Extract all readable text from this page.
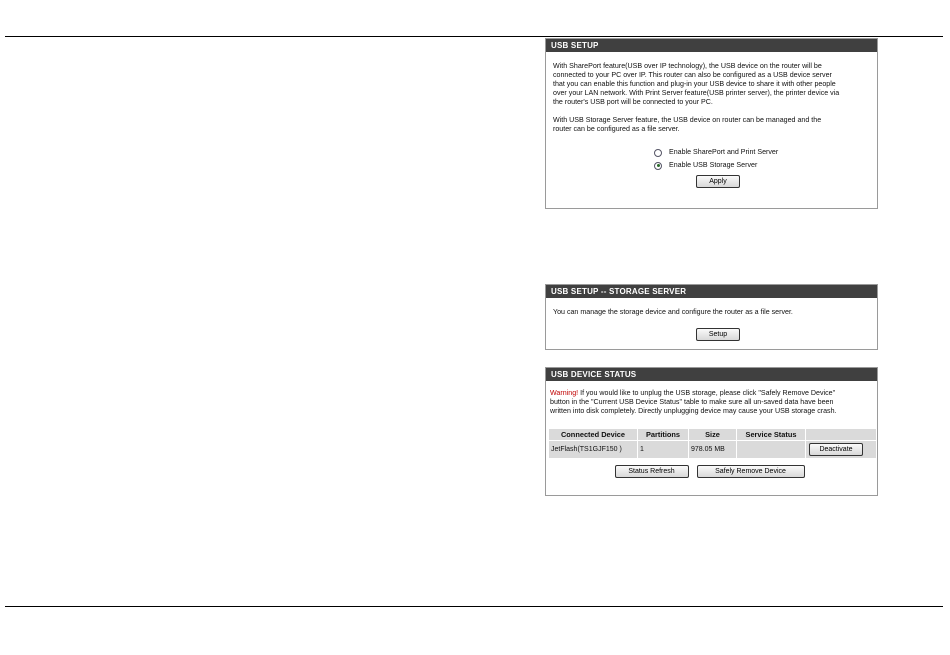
USB SETUP

With SharePort feature(USB over IP technology), the USB device on the router will be
connected to your PC over IP. This router can also be configured as a USB device server
that you can enable this function and plug-in your USB device to share it with other people
over your LAN network. With Print Server feature(USB printer server), the printer device via
the router's USB port will be connected to your PC.

With USB Storage Server feature, the USB device on router can be managed and the
router can be configured as a file server.

Enable SharePort and Print Server
Enable USB Storage Server
Apply
USB SETUP -- STORAGE SERVER

You can manage the storage device and configure the router as a file server.

Setup
USB DEVICE STATUS

Warning! If you would like to unplug the USB storage, please click "Safely Remove Device"
button in the "Current USB Device Status" table to make sure all un-saved data have been
written into disk completely. Directly unplugging device may cause your USB storage crash.

Connected Device	Partitions	Size	Service Status	
JetFlash(TS1GJF150 )	1	978.05 MB		Deactivate
Status Refresh	Safely Remove Device
